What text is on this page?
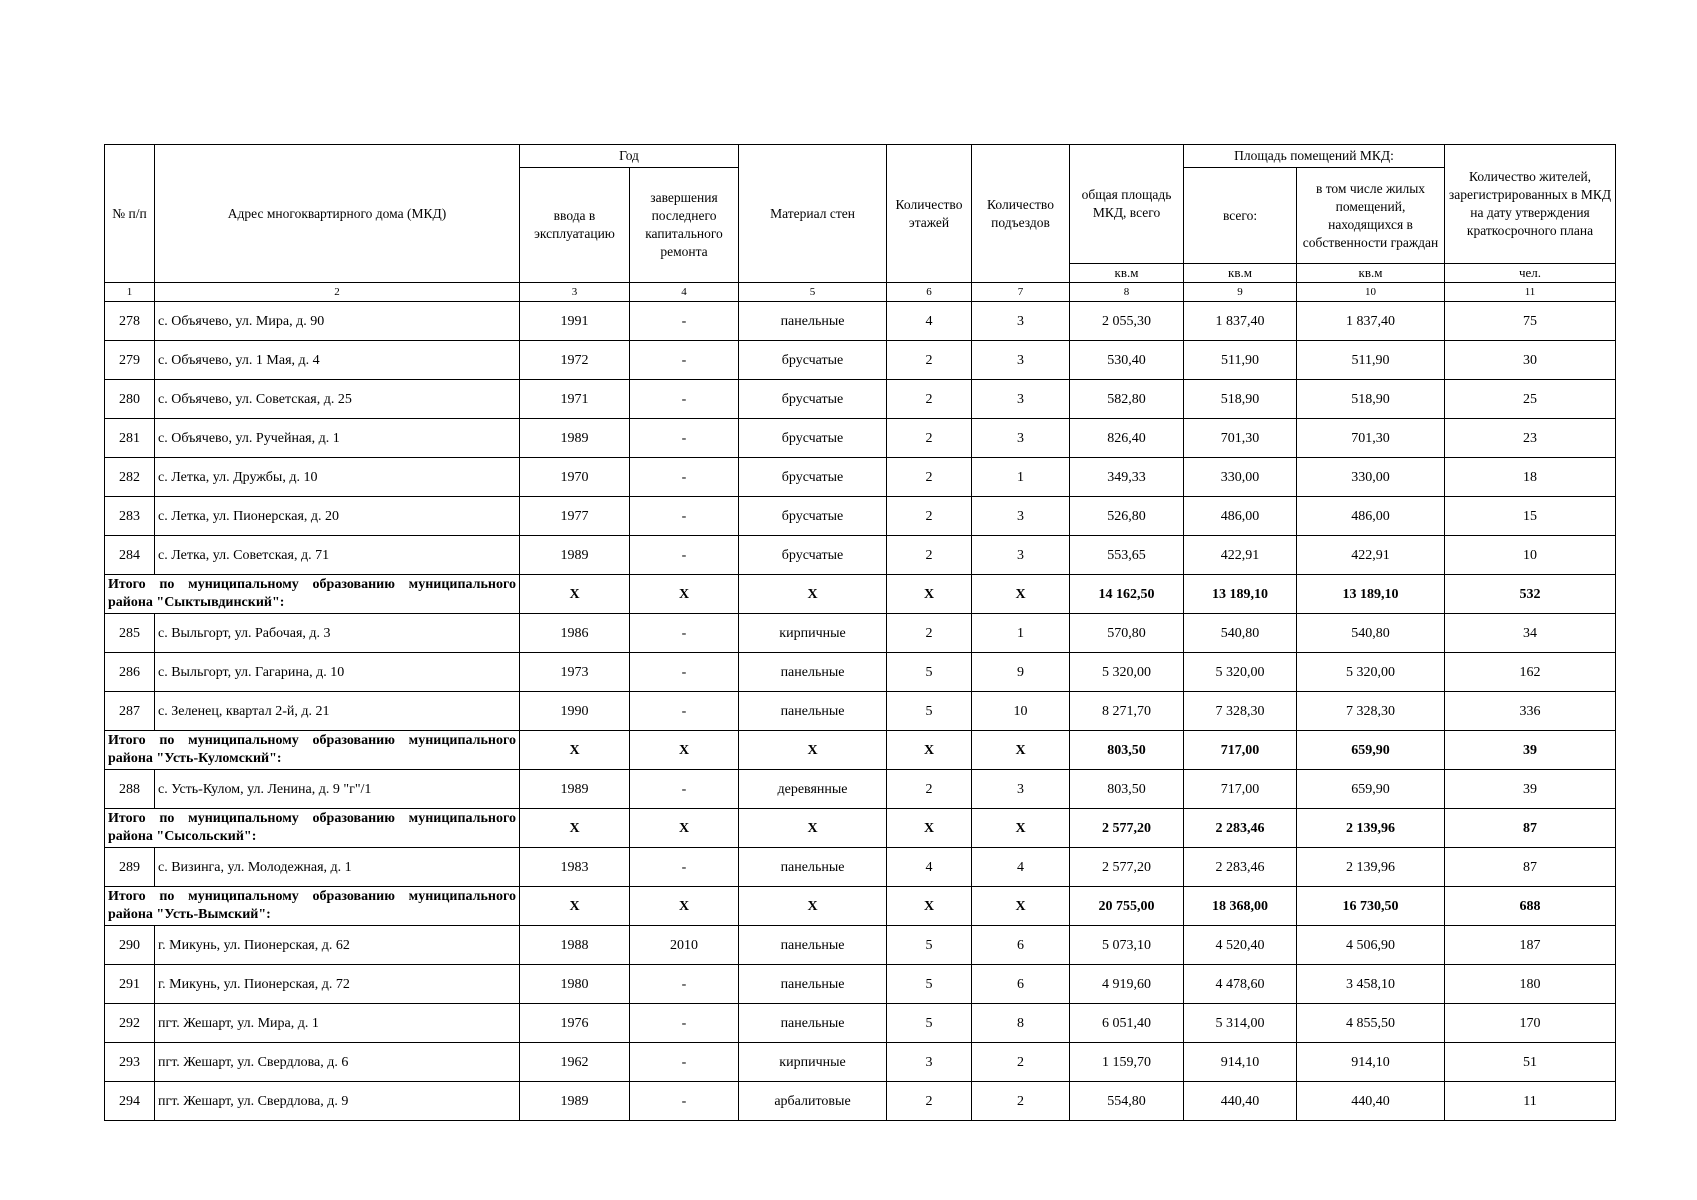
№ п/п	Адрес многоквартирного дома (МКД)	Год		Материал стен	Количество этажей	Количество подъездов	общая площадь МКД, всего	Площадь помещений МКД:		Количество жителей, зарегистрированных в МКД на дату утверждения краткосрочного плана
		ввода в эксплуатацию	завершения последнего капитального ремонта					всего:	в том числе жилых помещений, находящихся в собственности граждан	
							кв.м	кв.м	кв.м	чел.
1	2	3	4	5	6	7	8	9	10	11
278	с. Объячево, ул. Мира, д. 90	1991	-	панельные	4	3	2 055,30	1 837,40	1 837,40	75
279	с. Объячево, ул. 1 Мая, д. 4	1972	-	брусчатые	2	3	530,40	511,90	511,90	30
280	с. Объячево, ул. Советская, д. 25	1971	-	брусчатые	2	3	582,80	518,90	518,90	25
281	с. Объячево, ул. Ручейная, д. 1	1989	-	брусчатые	2	3	826,40	701,30	701,30	23
282	с. Летка, ул. Дружбы, д. 10	1970	-	брусчатые	2	1	349,33	330,00	330,00	18
283	с. Летка, ул. Пионерская, д. 20	1977	-	брусчатые	2	3	526,80	486,00	486,00	15
284	с. Летка, ул. Советская, д. 71	1989	-	брусчатые	2	3	553,65	422,91	422,91	10
Итого по муниципальному образованию муниципального района "Сыктывдинский":		X	X	X	X	X	14 162,50	13 189,10	13 189,10	532
285	с. Выльгорт, ул. Рабочая, д. 3	1986	-	кирпичные	2	1	570,80	540,80	540,80	34
286	с. Выльгорт, ул. Гагарина, д. 10	1973	-	панельные	5	9	5 320,00	5 320,00	5 320,00	162
287	с. Зеленец, квартал 2-й, д. 21	1990	-	панельные	5	10	8 271,70	7 328,30	7 328,30	336
Итого по муниципальному образованию муниципального района "Усть-Куломский":		X	X	X	X	X	803,50	717,00	659,90	39
288	с. Усть-Кулом, ул. Ленина, д. 9 "г"/1	1989	-	деревянные	2	3	803,50	717,00	659,90	39
Итого по муниципальному образованию муниципального района "Сысольский":		X	X	X	X	X	2 577,20	2 283,46	2 139,96	87
289	с. Визинга, ул. Молодежная, д. 1	1983	-	панельные	4	4	2 577,20	2 283,46	2 139,96	87
Итого по муниципальному образованию муниципального района "Усть-Вымский":		X	X	X	X	X	20 755,00	18 368,00	16 730,50	688
290	г. Микунь, ул. Пионерская, д. 62	1988	2010	панельные	5	6	5 073,10	4 520,40	4 506,90	187
291	г. Микунь, ул. Пионерская, д. 72	1980	-	панельные	5	6	4 919,60	4 478,60	3 458,10	180
292	пгт. Жешарт, ул. Мира, д. 1	1976	-	панельные	5	8	6 051,40	5 314,00	4 855,50	170
293	пгт. Жешарт, ул. Свердлова, д. 6	1962	-	кирпичные	3	2	1 159,70	914,10	914,10	51
294	пгт. Жешарт, ул. Свердлова, д. 9	1989	-	арбалитовые	2	2	554,80	440,40	440,40	11
